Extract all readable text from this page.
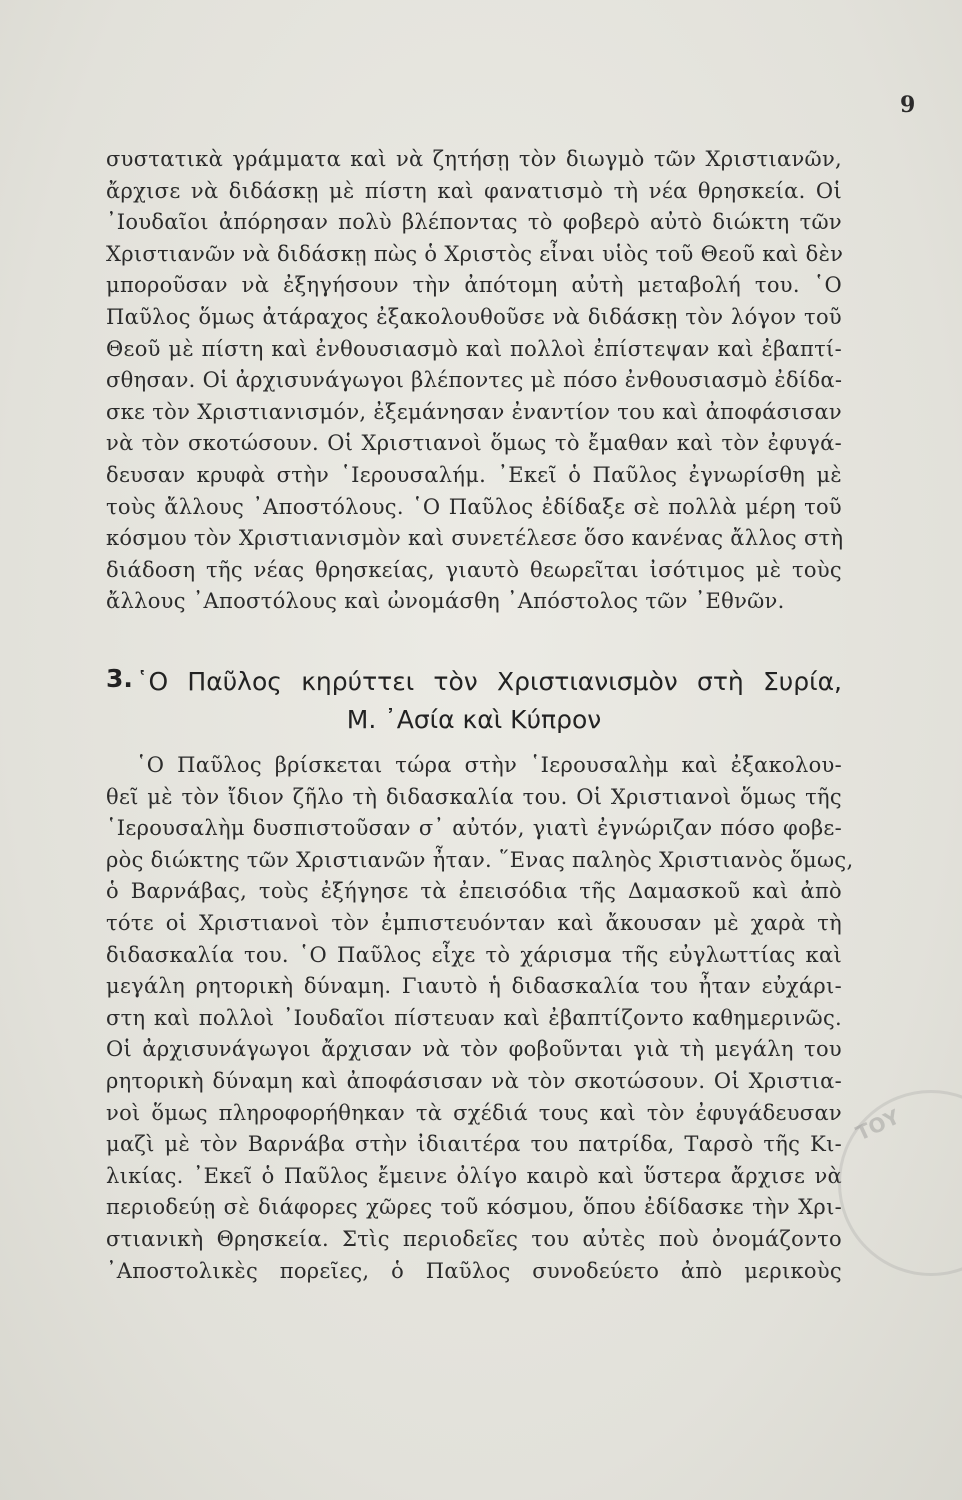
9
συστατικὰ γράμματα καὶ νὰ ζητήσῃ τὸν διωγμὸ τῶν Χριστιανῶν,
ἄρχισε νὰ διδάσκῃ μὲ πίστη καὶ φανατισμὸ τὴ νέα θρησκεία. Οἱ
᾿Ιουδαῖοι ἀπόρησαν πολὺ βλέποντας τὸ φοβερὸ αὐτὸ διώκτη τῶν
Χριστιανῶν νὰ διδάσκῃ πὼς ὁ Χριστὸς εἶναι υἱὸς τοῦ Θεοῦ καὶ δὲν
μποροῦσαν νὰ ἐξηγήσουν τὴν ἀπότομη αὐτὴ μεταβολή του. ῾Ο
Παῦλος ὅμως ἀτάραχος ἐξακολουθοῦσε νὰ διδάσκῃ τὸν λόγον τοῦ
Θεοῦ μὲ πίστη καὶ ἐνθουσιασμὸ καὶ πολλοὶ ἐπίστεψαν καὶ ἐβαπτί-
σθησαν. Οἱ ἀρχισυνάγωγοι βλέποντες μὲ πόσο ἐνθουσιασμὸ ἐδίδα-
σκε τὸν Χριστιανισμόν, ἐξεμάνησαν ἐναντίον του καὶ ἀποφάσισαν
νὰ τὸν σκοτώσουν. Οἱ Χριστιανοὶ ὅμως τὸ ἔμαθαν καὶ τὸν ἐφυγά-
δευσαν κρυφὰ στὴν ῾Ιερουσαλήμ. ᾿Εκεῖ ὁ Παῦλος ἐγνωρίσθη μὲ
τοὺς ἄλλους ᾿Αποστόλους. ῾Ο Παῦλος ἐδίδαξε σὲ πολλὰ μέρη τοῦ
κόσμου τὸν Χριστιανισμὸν καὶ συνετέλεσε ὅσο κανένας ἄλλος στὴ
διάδοση τῆς νέας θρησκείας, γιαυτὸ θεωρεῖται ἰσότιμος μὲ τοὺς
ἄλλους ᾿Αποστόλους καὶ ὠνομάσθη ᾿Απόστολος τῶν ᾿Εθνῶν.
3. ῾Ο Παῦλος κηρύττει τὸν Χριστιανισμὸν στὴ Συρία,
Μ. ᾿Ασία καὶ Κύπρον
῾Ο Παῦλος βρίσκεται τώρα στὴν ῾Ιερουσαλὴμ καὶ ἐξακολου-
θεῖ μὲ τὸν ἴδιον ζῆλο τὴ διδασκαλία του. Οἱ Χριστιανοὶ ὅμως τῆς
῾Ιερουσαλὴμ δυσπιστοῦσαν σ᾿ αὐτόν, γιατὶ ἐγνώριζαν πόσο φοβε-
ρὸς διώκτης τῶν Χριστιανῶν ἦταν. ῞Ενας παληὸς Χριστιανὸς ὅμως,
ὁ Βαρνάβας, τοὺς ἐξήγησε τὰ ἐπεισόδια τῆς Δαμασκοῦ καὶ ἀπὸ
τότε οἱ Χριστιανοὶ τὸν ἐμπιστευόνταν καὶ ἄκουσαν μὲ χαρὰ τὴ
διδασκαλία του. ῾Ο Παῦλος εἶχε τὸ χάρισμα τῆς εὐγλωττίας καὶ
μεγάλη ρητορικὴ δύναμη. Γιαυτὸ ἡ διδασκαλία του ἦταν εὐχάρι-
στη καὶ πολλοὶ ᾿Ιουδαῖοι πίστευαν καὶ ἐβαπτίζοντο καθημερινῶς.
Οἱ ἀρχισυνάγωγοι ἄρχισαν νὰ τὸν φοβοῦνται γιὰ τὴ μεγάλη του
ρητορικὴ δύναμη καὶ ἀποφάσισαν νὰ τὸν σκοτώσουν. Οἱ Χριστια-
νοὶ ὅμως πληροφορήθηκαν τὰ σχέδιά τους καὶ τὸν ἐφυγάδευσαν
μαζὶ μὲ τὸν Βαρνάβα στὴν ἰδιαιτέρα του πατρίδα, Ταρσὸ τῆς Κι-
λικίας. ᾿Εκεῖ ὁ Παῦλος ἔμεινε ὀλίγο καιρὸ καὶ ὕστερα ἄρχισε νὰ
περιοδεύῃ σὲ διάφορες χῶρες τοῦ κόσμου, ὅπου ἐδίδασκε τὴν Χρι-
στιανικὴ Θρησκεία. Στὶς περιοδεῖες του αὐτὲς ποὺ ὀνομάζοντο
᾿Αποστολικὲς πορεῖες, ὁ Παῦλος συνοδεύετο ἀπὸ μερικοὺς
ΤΟΥ
